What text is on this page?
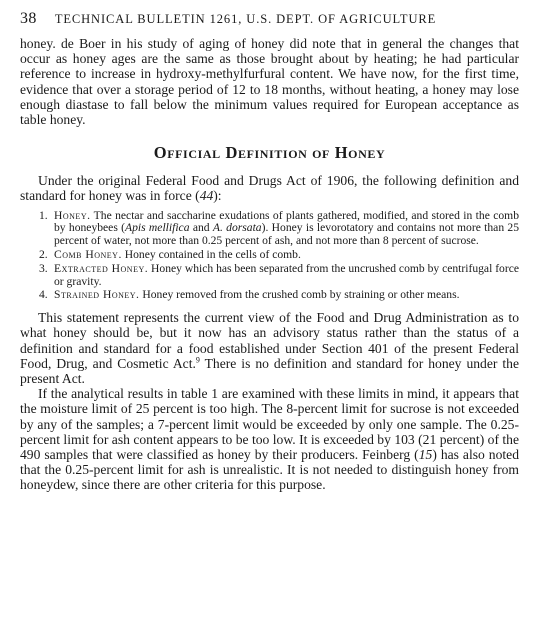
38 TECHNICAL BULLETIN 1261, U.S. DEPT. OF AGRICULTURE

honey. de Boer in his study of aging of honey did note that in general the changes that occur as honey ages are the same as those brought about by heating; he had particular reference to increase in hydroxy-methylfurfural content. We have now, for the first time, evidence that over a storage period of 12 to 18 months, without heating, a honey may lose enough diastase to fall below the minimum values required for European acceptance as table honey.

Official Definition of Honey

Under the original Federal Food and Drugs Act of 1906, the following definition and standard for honey was in force (44):

1. Honey. The nectar and saccharine exudations of plants gathered, modified, and stored in the comb by honeybees (Apis mellifica and A. dorsata). Honey is levorotatory and contains not more than 25 percent of water, not more than 0.25 percent of ash, and not more than 8 percent of sucrose.
2. Comb Honey. Honey contained in the cells of comb.
3. Extracted Honey. Honey which has been separated from the uncrushed comb by centrifugal force or gravity.
4. Strained Honey. Honey removed from the crushed comb by straining or other means.

This statement represents the current view of the Food and Drug Administration as to what honey should be, but it now has an advisory status rather than the status of a definition and standard for a food established under Section 401 of the present Federal Food, Drug, and Cosmetic Act.$^9$ There is no definition and standard for honey under the present Act.

If the analytical results in table 1 are examined with these limits in mind, it appears that the moisture limit of 25 percent is too high. The 8-percent limit for sucrose is not exceeded by any of the samples; a 7-percent limit would be exceeded by only one sample. The 0.25-percent limit for ash content appears to be too low. It is exceeded by 103 (21 percent) of the 490 samples that were classified as honey by their producers. Feinberg (15) has also noted that the 0.25-percent limit for ash is unrealistic. It is not needed to distinguish honey from honeydew, since there are other criteria for this purpose.
